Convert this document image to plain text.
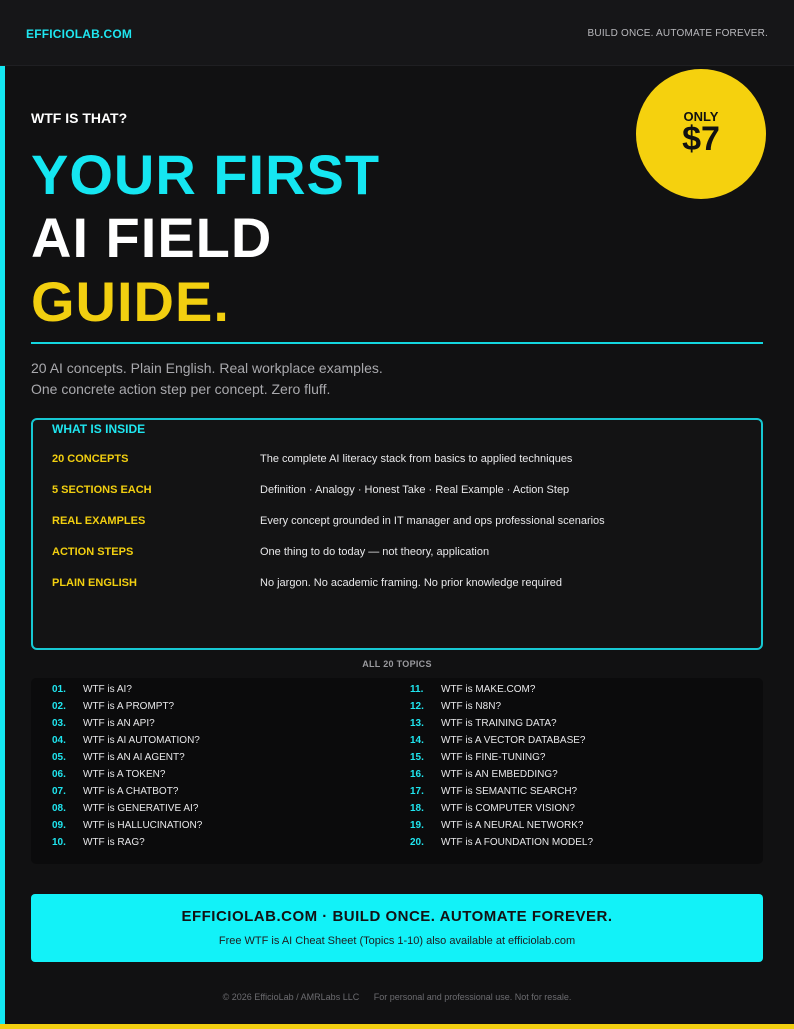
EFFICIOLAB.COM	BUILD ONCE. AUTOMATE FOREVER.
WTF IS THAT?	ONLY
$7
YOUR FIRST
AI FIELD
GUIDE.
20 AI concepts. Plain English. Real workplace examples.
One concrete action step per concept. Zero fluff.
WHAT IS INSIDE
20 CONCEPTS	The complete AI literacy stack from basics to applied techniques
5 SECTIONS EACH	Definition · Analogy · Honest Take · Real Example · Action Step
REAL EXAMPLES	Every concept grounded in IT manager and ops professional scenarios
ACTION STEPS	One thing to do today — not theory, application
PLAIN ENGLISH	No jargon. No academic framing. No prior knowledge required
ALL 20 TOPICS
01. WTF is AI?
02. WTF is A PROMPT?
03. WTF is AN API?
04. WTF is AI AUTOMATION?
05. WTF is AN AI AGENT?
06. WTF is A TOKEN?
07. WTF is A CHATBOT?
08. WTF is GENERATIVE AI?
09. WTF is HALLUCINATION?
10. WTF is RAG?
11. WTF is MAKE.COM?
12. WTF is N8N?
13. WTF is TRAINING DATA?
14. WTF is A VECTOR DATABASE?
15. WTF is FINE-TUNING?
16. WTF is AN EMBEDDING?
17. WTF is SEMANTIC SEARCH?
18. WTF is COMPUTER VISION?
19. WTF is A NEURAL NETWORK?
20. WTF is A FOUNDATION MODEL?
EFFICIOLAB.COM · BUILD ONCE. AUTOMATE FOREVER.
Free WTF is AI Cheat Sheet (Topics 1-10) also available at efficiolab.com
© 2026 EfficioLab / AMRLabs LLC For personal and professional use. Not for resale.
